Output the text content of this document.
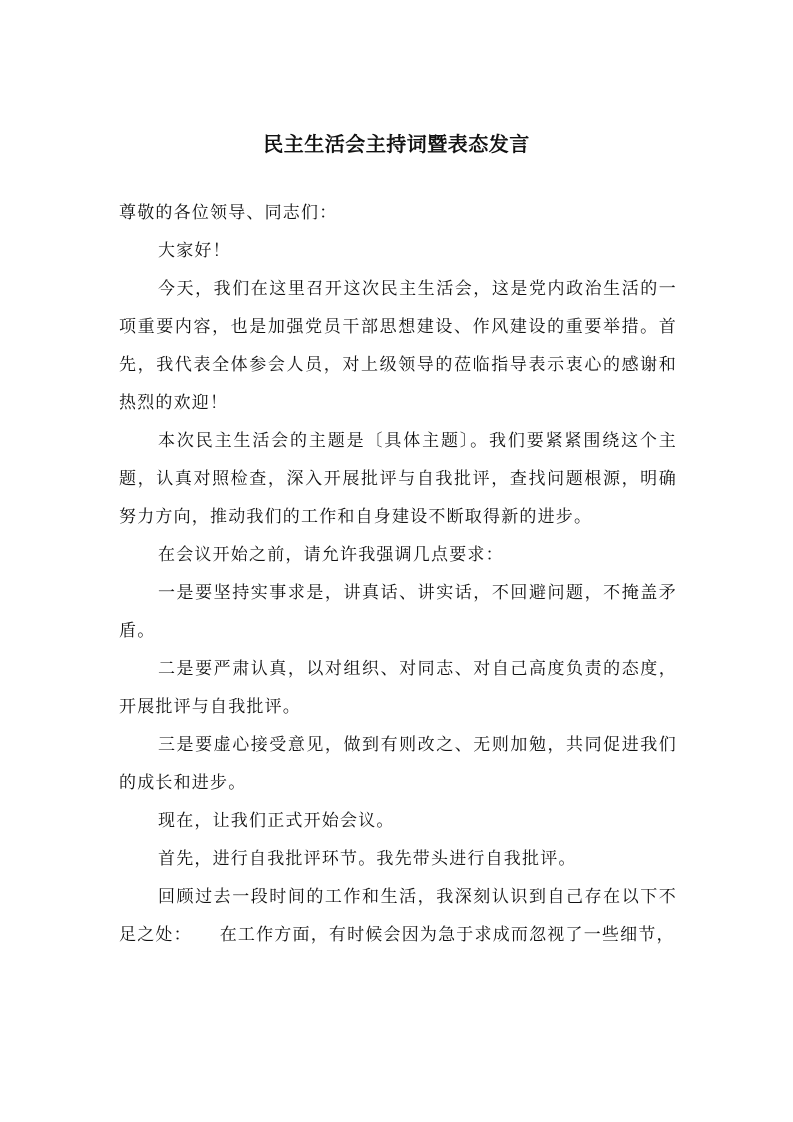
民主生活会主持词暨表态发言

尊敬的各位领导、同志们：

大家好！

今天，我们在这里召开这次民主生活会，这是党内政治生活的一项重要内容，也是加强党员干部思想建设、作风建设的重要举措。首先，我代表全体参会人员，对上级领导的莅临指导表示衷心的感谢和热烈的欢迎！

本次民主生活会的主题是〔具体主题〕。我们要紧紧围绕这个主题，认真对照检查，深入开展批评与自我批评，查找问题根源，明确努力方向，推动我们的工作和自身建设不断取得新的进步。

在会议开始之前，请允许我强调几点要求：

一是要坚持实事求是，讲真话、讲实话，不回避问题，不掩盖矛盾。

二是要严肃认真，以对组织、对同志、对自己高度负责的态度，开展批评与自我批评。

三是要虚心接受意见，做到有则改之、无则加勉，共同促进我们的成长和进步。

现在，让我们正式开始会议。

首先，进行自我批评环节。我先带头进行自我批评。

回顾过去一段时间的工作和生活，我深刻认识到自己存在以下不足之处：　　在工作方面，有时候会因为急于求成而忽视了一些细节，
